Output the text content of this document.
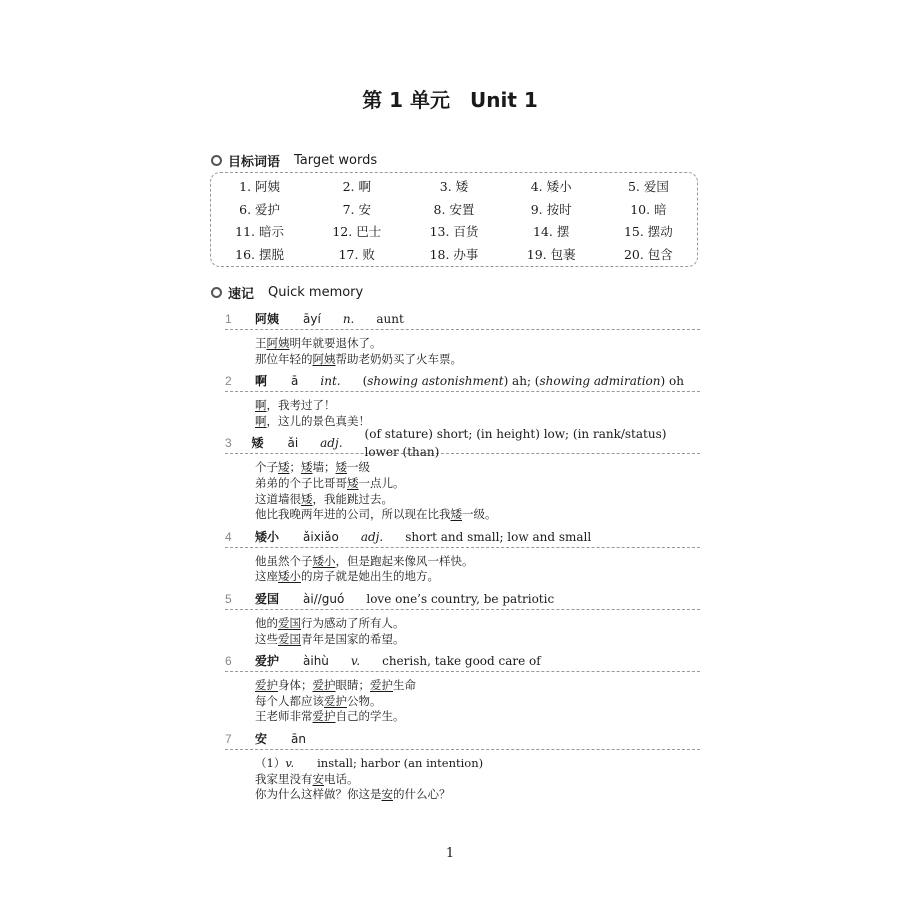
第 1 单元　Unit 1
目标词语 Target words
1. 阿姨	2. 啊	3. 矮	4. 矮小	5. 爱国
6. 爱护	7. 安	8. 安置	9. 按时	10. 暗
11. 暗示	12. 巴士	13. 百货	14. 摆	15. 摆动
16. 摆脱	17. 败	18. 办事	19. 包裹	20. 包含
速记 Quick memory
1	阿姨 āyí n. aunt
王阿姨明年就要退休了。
那位年轻的阿姨帮助老奶奶买了火车票。
2	啊 ā int. (showing astonishment) ah; (showing admiration) oh
啊，我考过了！
啊，这儿的景色真美！
3	矮 ǎi adj.
(of stature) short; (in height) low; (in rank/status) lower (than)
个子矮；矮墙；矮一级
弟弟的个子比哥哥矮一点儿。
这道墙很矮，我能跳过去。
他比我晚两年进的公司，所以现在比我矮一级。
4	矮小 ǎixiǎo adj. short and small; low and small
他虽然个子矮小，但是跑起来像风一样快。
这座矮小的房子就是她出生的地方。
5	爱国 ài//guó love one’s country, be patriotic
他的爱国行为感动了所有人。
这些爱国青年是国家的希望。
6	爱护 àihù v. cherish, take good care of
爱护身体；爱护眼睛；爱护生命
每个人都应该爱护公物。
王老师非常爱护自己的学生。
7	安 ān
（1）v.　　install; harbor (an intention)
我家里没有安电话。
你为什么这样做？你这是安的什么心？
1
